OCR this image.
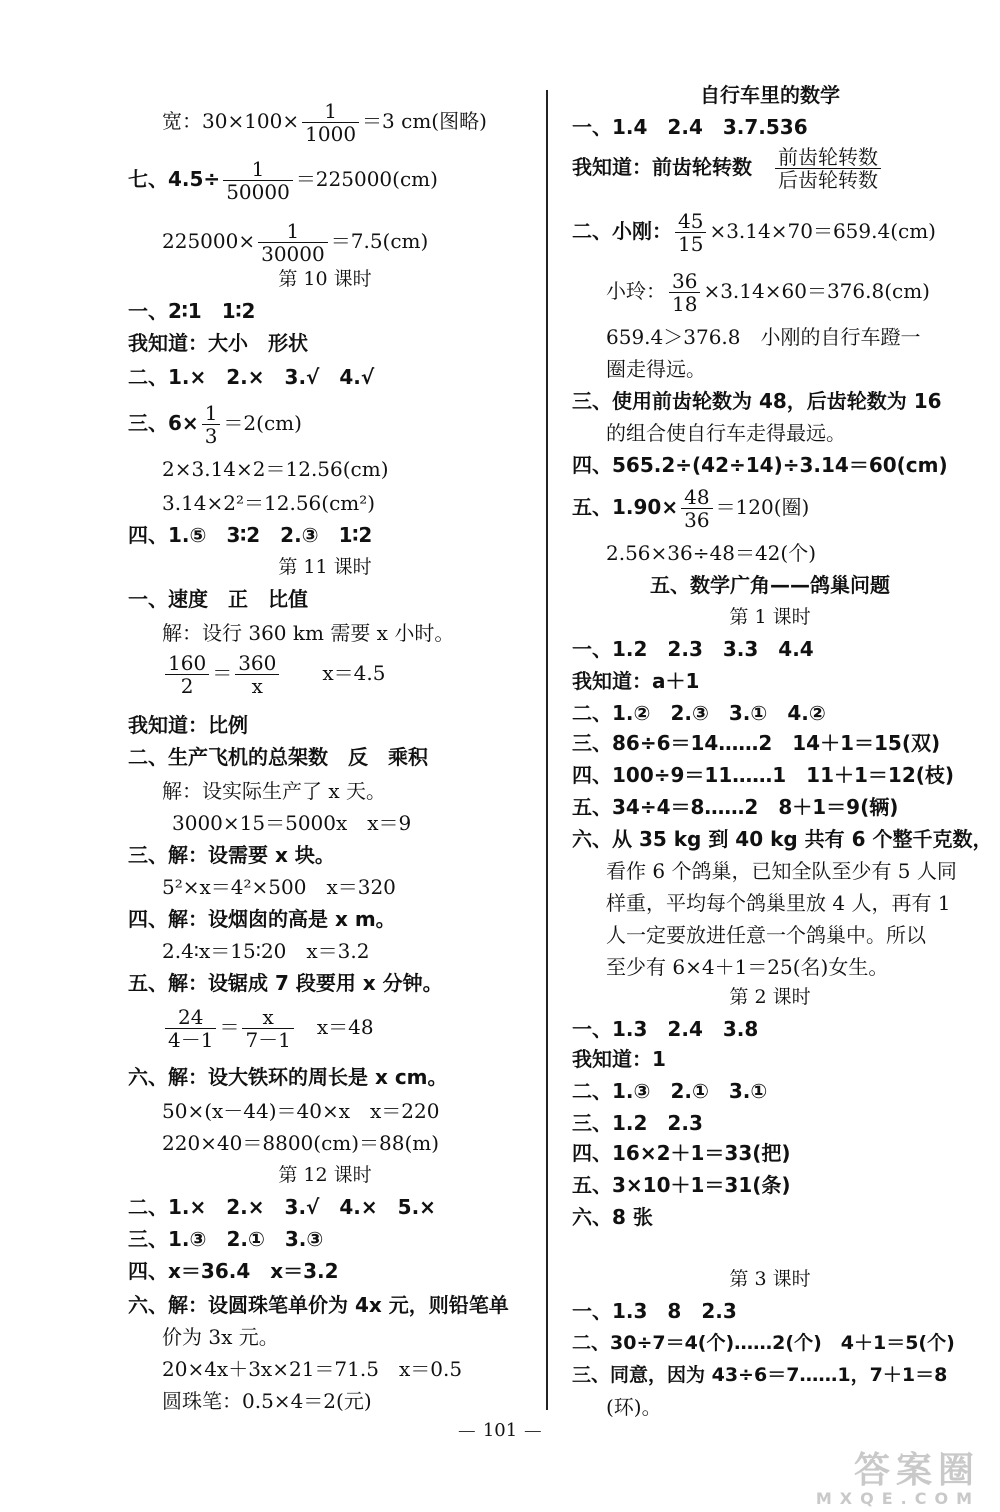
宽：$30\times 100\times \frac{1}{1000} =3$ cm(图略)
七、$4.5\div \frac{1}{50000} =225000(cm)$
$225000\times \frac{1}{30000} =7.5(cm)$
第 10 课时
一、2∶1　1∶2
我知道：大小　形状
二、1.×　2.×　3.√　4.√
三、$6\times \frac{1}{3} =2(cm)$
2×3.14×2＝12.56(cm)
3.14×2²＝12.56(cm²)
四、1.⑤　3∶2　2.③　1∶2
第 11 课时
一、速度　正　比值
解：设行 360 km 需要 x 小时。
$\frac{160}{2} = \frac{360}{x}$
　　 x＝4.5
我知道：比例
二、生产飞机的总架数　反　乘积
解：设实际生产了 x 天。
3000×15＝5000x　x＝9
三、解：设需要 x 块。
5²×x＝4²×500　x＝320
四、解：设烟囱的高是 x m。
2.4∶x＝15∶20　x＝3.2
五、解：设锯成 7 段要用 x 分钟。
$\frac{24}{4-1} = \frac{x}{7-1}$
　 x＝48
六、解：设大铁环的周长是 x cm。
50×(x－44)＝40×x　x＝220
220×40＝8800(cm)＝88(m)
第 12 课时
二、1.×　2.×　3.√　4.×　5.×
三、1.③　2.①　3.③
四、x＝36.4　x＝3.2
六、解：设圆珠笔单价为 4x 元，则铅笔单
价为 3x 元。
20×4x＋3x×21＝71.5　x＝0.5
圆珠笔：0.5×4＝2(元)
自行车里的数学
一、1.4　2.4　3.7.536
我知道：前齿轮转数　 $\frac{\text{前齿轮转数}}{\text{后齿轮转数}}$
二、小刚： $\frac{45}{15} \times 3.14\times 70=659.4(cm)$
小玲： $\frac{36}{18} \times 3.14\times 60=376.8(cm)$
659.4＞376.8　小刚的自行车蹬一
圈走得远。
三、使用前齿轮数为 48，后齿轮数为 16
的组合使自行车走得最远。
四、565.2÷(42÷14)÷3.14＝60(cm)
五、$1.90\times \frac{48}{36} =120$(圈)
2.56×36÷48＝42(个)
五、数学广角——鸽巢问题
第 1 课时
一、1.2　2.3　3.3　4.4
我知道：a＋1
二、1.②　2.③　3.①　4.②
三、86÷6＝14……2　14＋1＝15(双)
四、100÷9＝11……1　11＋1＝12(枝)
五、34÷4＝8……2　8＋1＝9(辆)
六、从 35 kg 到 40 kg 共有 6 个整千克数，
看作 6 个鸽巢，已知全队至少有 5 人同
样重，平均每个鸽巢里放 4 人，再有 1
人一定要放进任意一个鸽巢中。所以
至少有 6×4＋1＝25(名)女生。
第 2 课时
一、1.3　2.4　3.8
我知道：1
二、1.③　2.①　3.①
三、1.2　2.3
四、16×2＋1＝33(把)
五、3×10＋1＝31(条)
六、8 张
第 3 课时
一、1.3　8　2.3
二、30÷7＝4(个)……2(个)　4＋1＝5(个)
三、同意，因为 43÷6＝7……1，7＋1＝8
(环)。
101
答案圈
MXQE.COM
